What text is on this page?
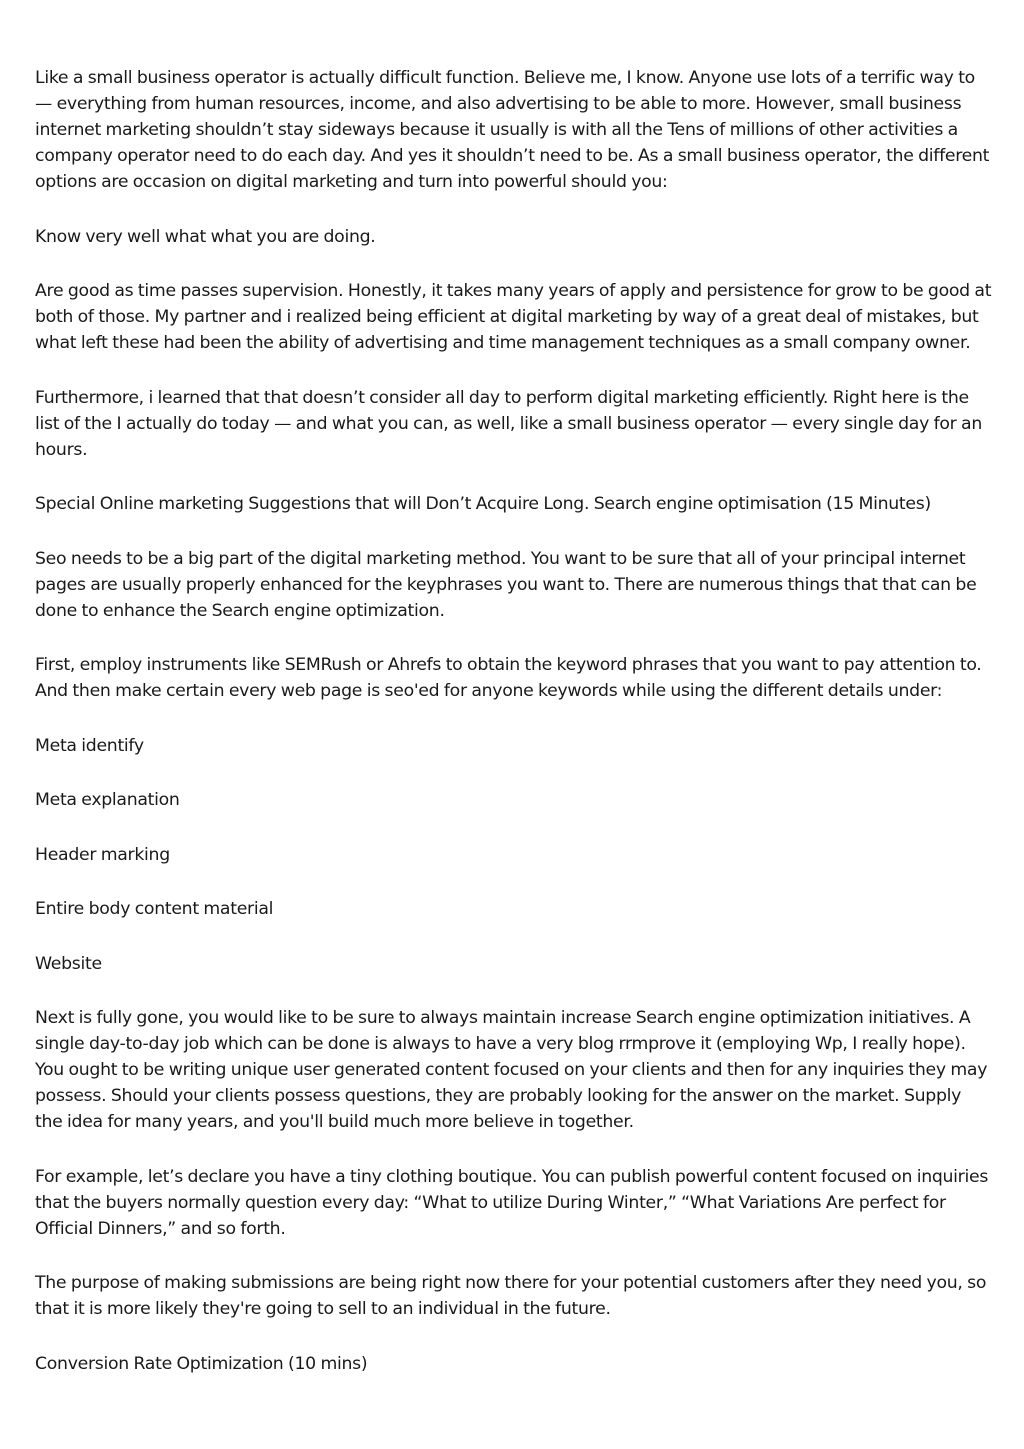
Like a small business operator is actually difficult function. Believe me, I know. Anyone use lots of a terrific way to — everything from human resources, income, and also advertising to be able to more. However, small business internet marketing shouldn’t stay sideways because it usually is with all the Tens of millions of other activities a company operator need to do each day. And yes it shouldn’t need to be. As a small business operator, the different options are occasion on digital marketing and turn into powerful should you:

Know very well what what you are doing.

Are good as time passes supervision. Honestly, it takes many years of apply and persistence for grow to be good at both of those. My partner and i realized being efficient at digital marketing by way of a great deal of mistakes, but what left these had been the ability of advertising and time management techniques as a small company owner.

Furthermore, i learned that that doesn’t consider all day to perform digital marketing efficiently. Right here is the list of the I actually do today — and what you can, as well, like a small business operator — every single day for an hours.

Special Online marketing Suggestions that will Don’t Acquire Long. Search engine optimisation (15 Minutes)

Seo needs to be a big part of the digital marketing method. You want to be sure that all of your principal internet pages are usually properly enhanced for the keyphrases you want to. There are numerous things that that can be done to enhance the Search engine optimization.

First, employ instruments like SEMRush or Ahrefs to obtain the keyword phrases that you want to pay attention to. And then make certain every web page is seo'ed for anyone keywords while using the different details under:

Meta identify

Meta explanation

Header marking

Entire body content material

Website

Next is fully gone, you would like to be sure to always maintain increase Search engine optimization initiatives. A single day-to-day job which can be done is always to have a very blog rrmprove it (employing Wp, I really hope). You ought to be writing unique user generated content focused on your clients and then for any inquiries they may possess. Should your clients possess questions, they are probably looking for the answer on the market. Supply the idea for many years, and you'll build much more believe in together.

For example, let’s declare you have a tiny clothing boutique. You can publish powerful content focused on inquiries that the buyers normally question every day: “What to utilize During Winter,” “What Variations Are perfect for Official Dinners,” and so forth.

The purpose of making submissions are being right now there for your potential customers after they need you, so that it is more likely they're going to sell to an individual in the future.

Conversion Rate Optimization (10 mins)
